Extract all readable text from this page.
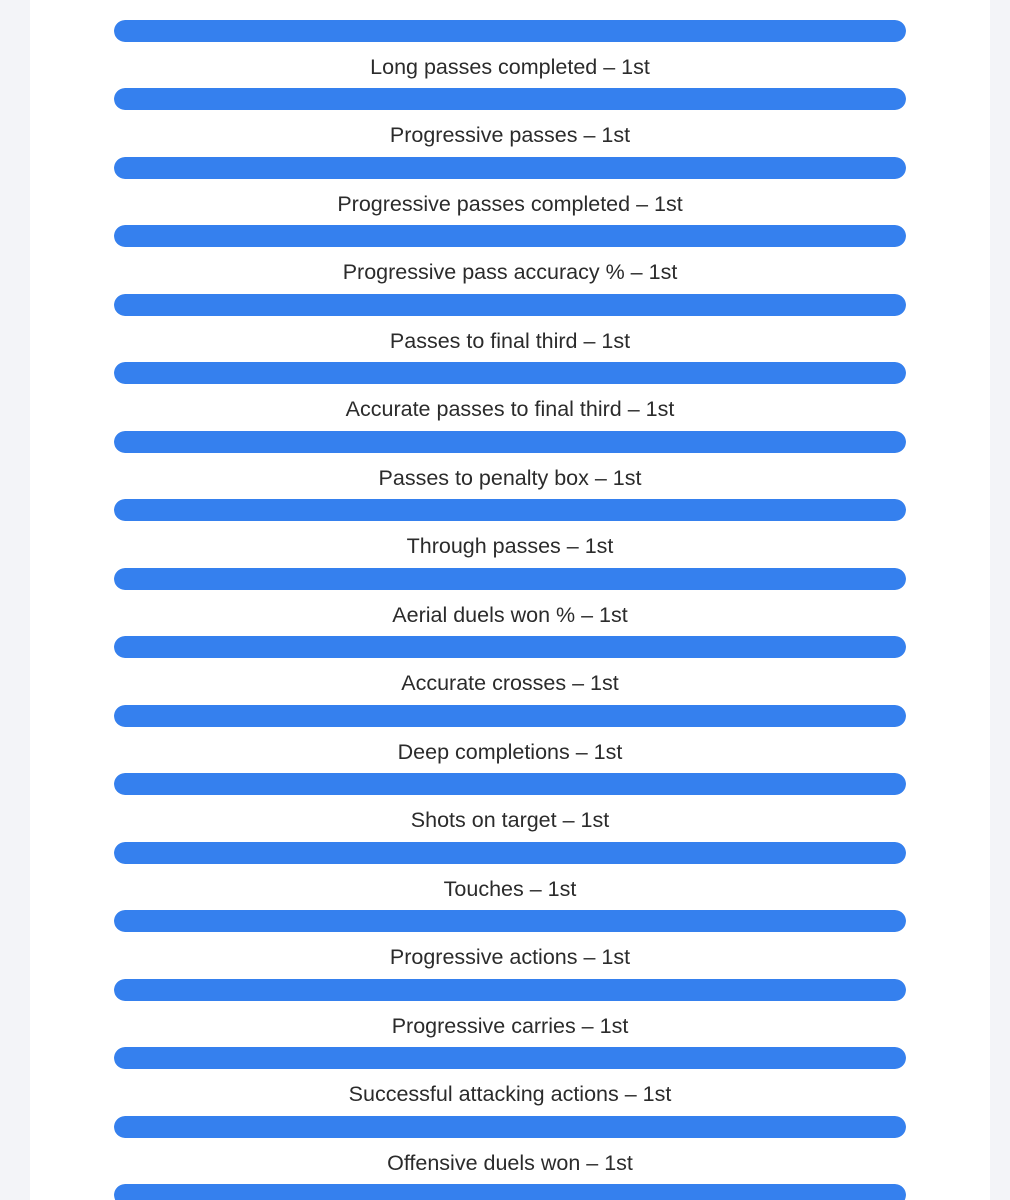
Long passes completed – 1st
Progressive passes – 1st
Progressive passes completed – 1st
Progressive pass accuracy % – 1st
Passes to final third – 1st
Accurate passes to final third – 1st
Passes to penalty box – 1st
Through passes – 1st
Aerial duels won % – 1st
Accurate crosses – 1st
Deep completions – 1st
Shots on target – 1st
Touches – 1st
Progressive actions – 1st
Progressive carries – 1st
Successful attacking actions – 1st
Offensive duels won – 1st
